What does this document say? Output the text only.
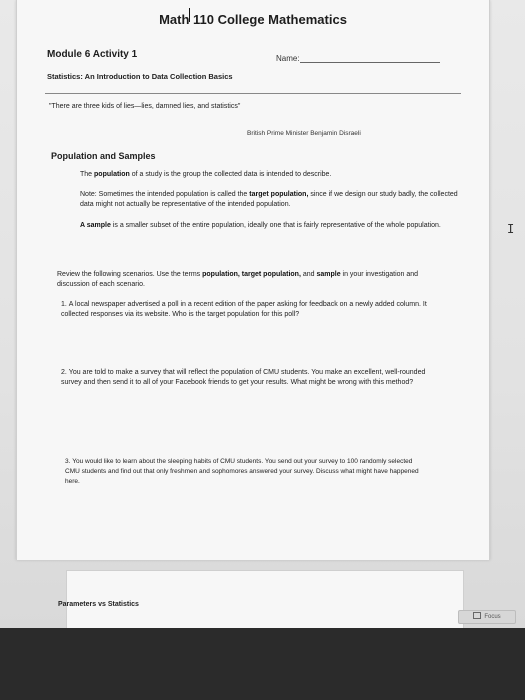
Math 110 College Mathematics
Module 6 Activity 1	Name:
Statistics: An Introduction to Data Collection Basics
"There are three kids of lies—lies, damned lies, and statistics"
British Prime Minister Benjamin Disraeli
Population and Samples
The population of a study is the group the collected data is intended to describe.
Note: Sometimes the intended population is called the target population, since if we design our study badly, the collected data might not actually be representative of the intended population.
A sample is a smaller subset of the entire population, ideally one that is fairly representative of the whole population.
Review the following scenarios. Use the terms population, target population, and sample in your investigation and discussion of each scenario.
1. A local newspaper advertised a poll in a recent edition of the paper asking for feedback on a newly added column. It collected responses via its website. Who is the target population for this poll?
2. You are told to make a survey that will reflect the population of CMU students. You make an excellent, well-rounded survey and then send it to all of your Facebook friends to get your results. What might be wrong with this method?
3. You would like to learn about the sleeping habits of CMU students. You send out your survey to 100 randomly selected CMU students and find out that only freshmen and sophomores answered your survey. Discuss what might have happened here.
Parameters vs Statistics
I
Focus
